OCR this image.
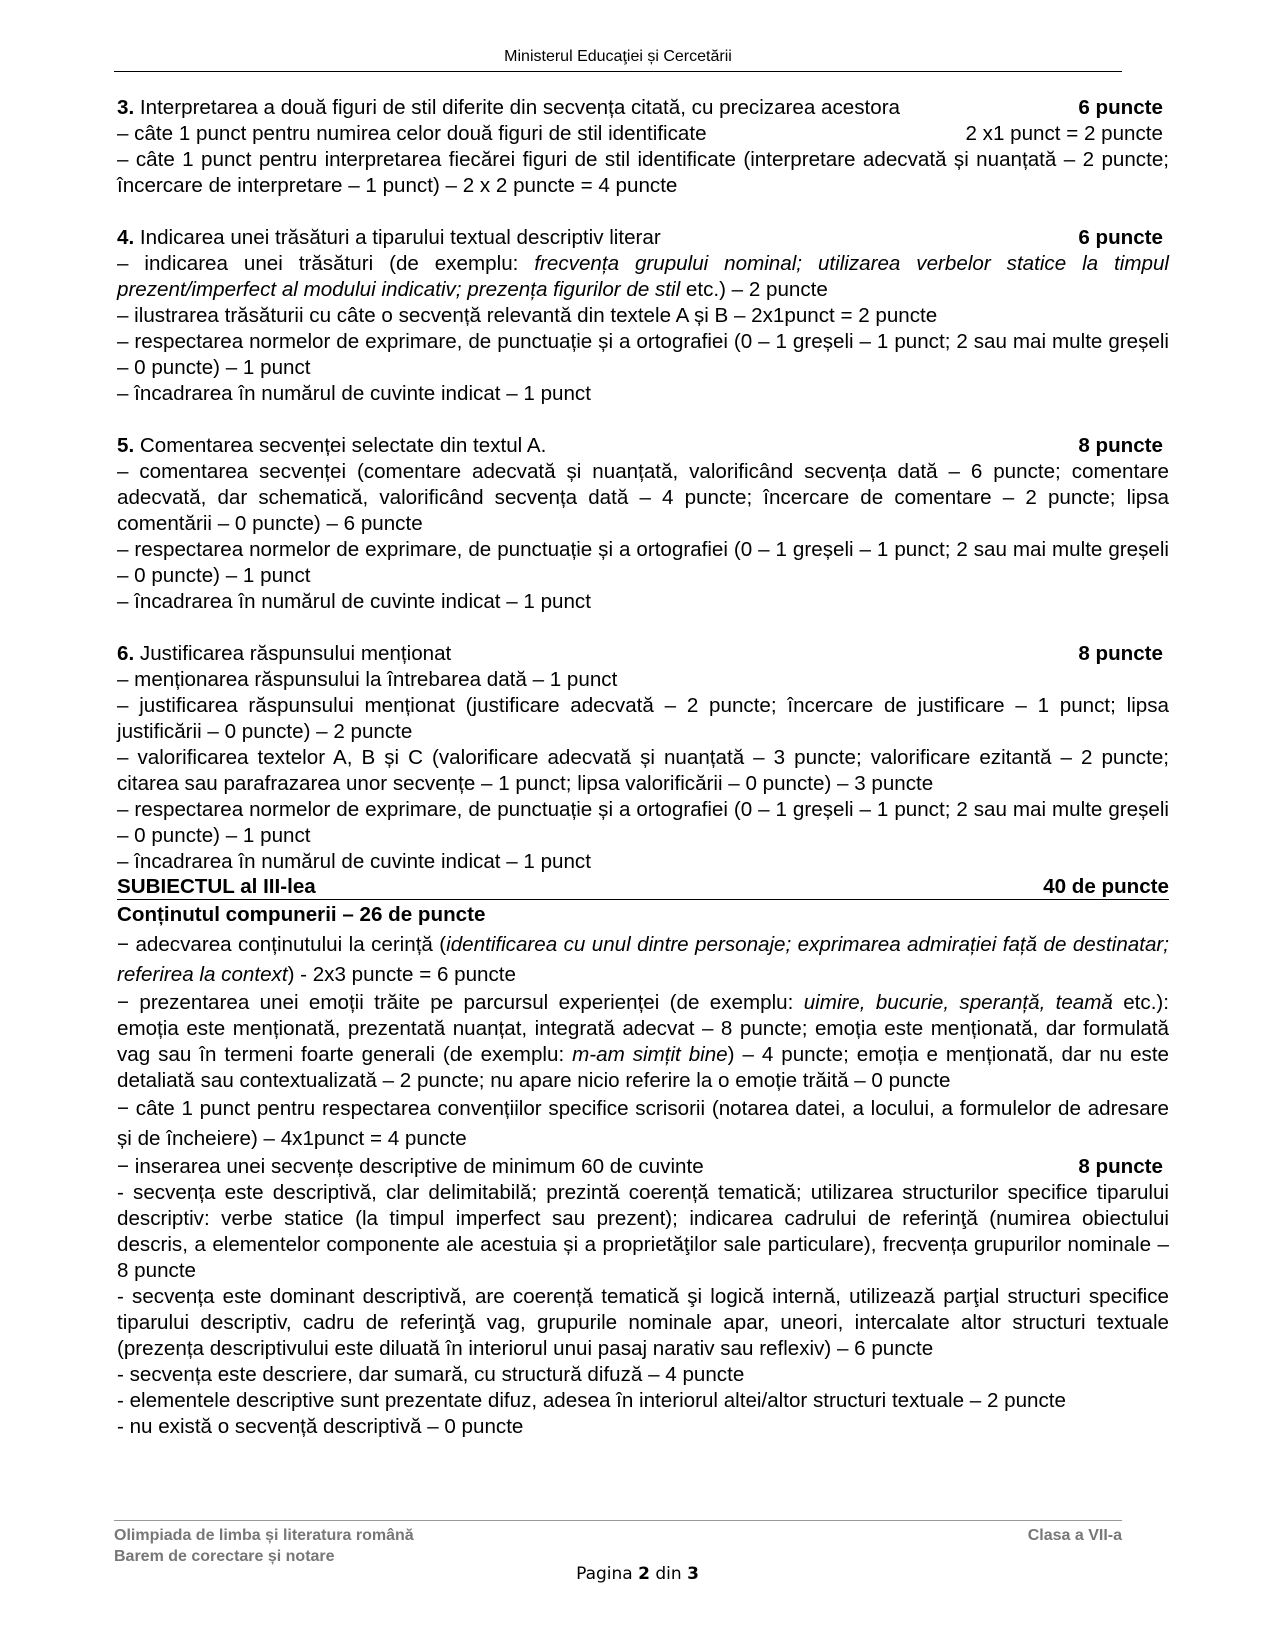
Ministerul Educaţiei și Cercetării
3. Interpretarea a două figuri de stil diferite din secvența citată, cu precizarea acestora	6 puncte
– câte 1 punct pentru numirea celor două figuri de stil identificate	2 x1 punct = 2 puncte

– câte 1 punct pentru interpretarea fiecărei figuri de stil identificate (interpretare adecvată și nuanțată – 2 puncte; încercare de interpretare – 1 punct) – 2 x 2 puncte = 4 puncte

4. Indicarea unei trăsături a tiparului textual descriptiv literar	6 puncte

– indicarea unei trăsături (de exemplu: frecvența grupului nominal; utilizarea verbelor statice la timpul prezent/imperfect al modului indicativ; prezența figurilor de stil etc.) – 2 puncte

– ilustrarea trăsăturii cu câte o secvență relevantă din textele A și B – 2x1punct = 2 puncte

– respectarea normelor de exprimare, de punctuație și a ortografiei (0 – 1 greșeli – 1 punct; 2 sau mai multe greșeli – 0 puncte) – 1 punct

– încadrarea în numărul de cuvinte indicat – 1 punct

5. Comentarea secvenței selectate din textul A.	8 puncte

– comentarea secvenței (comentare adecvată și nuanțată, valorificând secvența dată – 6 puncte; comentare adecvată, dar schematică, valorificând secvența dată – 4 puncte; încercare de comentare – 2 puncte; lipsa comentării – 0 puncte) – 6 puncte

– respectarea normelor de exprimare, de punctuație și a ortografiei (0 – 1 greșeli – 1 punct; 2 sau mai multe greșeli – 0 puncte) – 1 punct

– încadrarea în numărul de cuvinte indicat – 1 punct

6. Justificarea răspunsului menționat	8 puncte

– menționarea răspunsului la întrebarea dată – 1 punct

– justificarea răspunsului menționat (justificare adecvată – 2 puncte; încercare de justificare – 1 punct; lipsa justificării – 0 puncte) – 2 puncte

– valorificarea textelor A, B și C (valorificare adecvată și nuanțată – 3 puncte; valorificare ezitantă – 2 puncte; citarea sau parafrazarea unor secvențe – 1 punct; lipsa valorificării – 0 puncte) – 3 puncte

– respectarea normelor de exprimare, de punctuație și a ortografiei (0 – 1 greșeli – 1 punct; 2 sau mai multe greșeli – 0 puncte) – 1 punct

– încadrarea în numărul de cuvinte indicat – 1 punct

SUBIECTUL al III-lea	40 de puncte

Conținutul compunerii – 26 de puncte

− adecvarea conținutului la cerință (identificarea cu unul dintre personaje; exprimarea admirației față de destinatar; referirea la context) - 2x3 puncte = 6 puncte

− prezentarea unei emoții trăite pe parcursul experienței (de exemplu: uimire, bucurie, speranță, teamă etc.): emoția este menționată, prezentată nuanțat, integrată adecvat – 8 puncte; emoția este menționată, dar formulată vag sau în termeni foarte generali (de exemplu: m-am simțit bine) – 4 puncte; emoția e menționată, dar nu este detaliată sau contextualizată – 2 puncte; nu apare nicio referire la o emoție trăită – 0 puncte

− câte 1 punct pentru respectarea convențiilor specifice scrisorii (notarea datei, a locului, a formulelor de adresare și de încheiere) – 4x1punct = 4 puncte

− inserarea unei secvențe descriptive de minimum 60 de cuvinte	8 puncte

- secvența este descriptivă, clar delimitabilă; prezintă coerență tematică; utilizarea structurilor specifice tiparului descriptiv: verbe statice (la timpul imperfect sau prezent); indicarea cadrului de referinţă (numirea obiectului descris, a elementelor componente ale acestuia și a proprietăţilor sale particulare), frecvența grupurilor nominale – 8 puncte

- secvența este dominant descriptivă, are coerență tematică şi logică internă, utilizează parţial structuri specifice tiparului descriptiv, cadru de referinţă vag, grupurile nominale apar, uneori, intercalate altor structuri textuale (prezența descriptivului este diluată în interiorul unui pasaj narativ sau reflexiv) – 6 puncte

- secvența este descriere, dar sumară, cu structură difuză – 4 puncte

- elementele descriptive sunt prezentate difuz, adesea în interiorul altei/altor structuri textuale – 2 puncte

- nu există o secvență descriptivă – 0 puncte

Olimpiada de limba și literatura română	Clasa a VII-a
Barem de corectare și notare
Pagina 2 din 3
